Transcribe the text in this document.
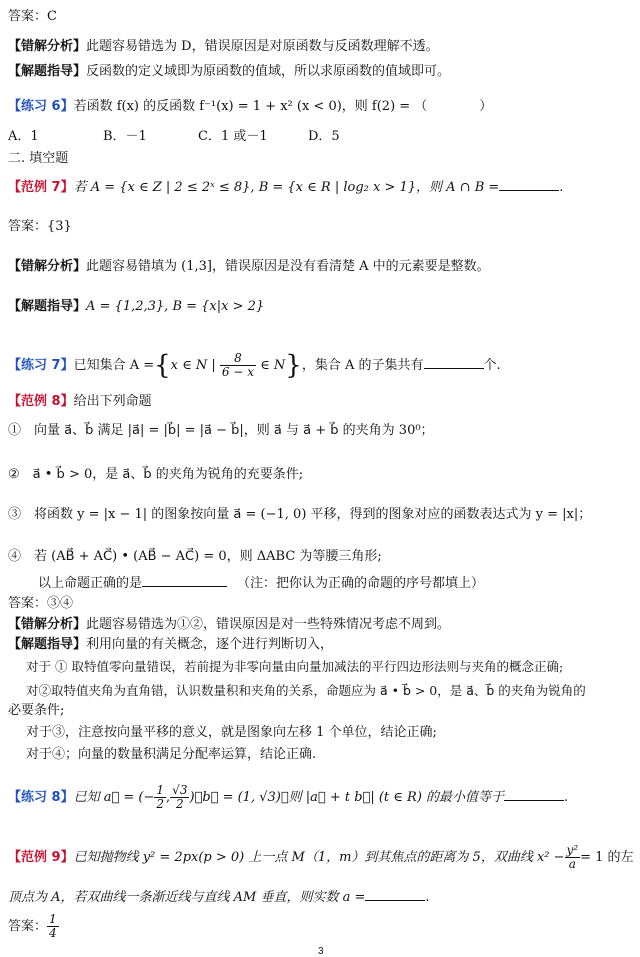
答案：C
【错解分析】此题容易错选为 D，错误原因是对原函数与反函数理解不透。
【解题指导】反函数的定义域即为原函数的值域，所以求原函数的值域即可。
【练习 6】若函数 f(x) 的反函数 f⁻¹(x) = 1 + x² (x < 0)，则 f(2) = （　　　　）
A．1	B．－1	C．1 或－1	D．5
二. 填空题
【范例 7】若 A = {x ∈ Z | 2 ≤ 2ˣ ≤ 8}, B = {x ∈ R | log₂ x > 1}，则 A ∩ B =	.
答案：{3}
【错解分析】此题容易错填为 (1,3]，错误原因是没有看清楚 A 中的元素要是整数。
【解题指导】A = {1,2,3}, B = {x|x > 2}
【练习 7】已知集合 A ={x ∈ N | $\frac{8}{6 - x}$ ∈ N}，集合 A 的子集共有	个.
【范例 8】给出下列命题
①　向量 a⃗、b⃗ 满足 |a⃗| = |b⃗| = |a⃗ − b⃗|，则 a⃗ 与 a⃗ + b⃗ 的夹角为 30⁰；
②　a⃗ • b⃗ > 0，是 a⃗、b⃗ 的夹角为锐角的充要条件;
③　将函数 y = |x − 1| 的图象按向量 a⃗ = (−1, 0) 平移，得到的图象对应的函数表达式为 y = |x|；
④　若 (AB⃗ + AC⃗) • (AB⃗ − AC⃗) = 0，则 ΔABC 为等腰三角形;
以上命题正确的是	（注：把你认为正确的命题的序号都填上）
答案：③④
【错解分析】此题容易错选为①②，错误原因是对一些特殊情况考虑不周到。
【解题指导】利用向量的有关概念，逐个进行判断切入，
对于 ① 取特值零向量错误，若前提为非零向量由向量加减法的平行四边形法则与夹角的概念正确;
对②取特值夹角为直角错，认识数量积和夹角的关系，命题应为 a⃗ • b⃗ > 0，是 a⃗、b⃗ 的夹角为锐角的
必要条件;
对于③，注意按向量平移的意义，就是图象向左移 1 个单位，结论正确;
对于④；向量的数量积满足分配率运算，结论正确.
【练习 8】已知 a⃗ = (− $\frac{1}{2}$ , $\frac{√3}{2}$ )，b⃗ = (1, √3)，则 |a⃗ + t b⃗| (t ∈ R) 的最小值等于	.
【范例 9】已知抛物线 y² = 2px(p > 0) 上一点 M（1，m）到其焦点的距离为 5，双曲线 $x^2 - \frac{\text{y²}}{a} = 1$ 的左
顶点为 A，若双曲线一条渐近线与直线 AM 垂直，则实数 a =	.
答案： $\frac{1}{4}$
3
